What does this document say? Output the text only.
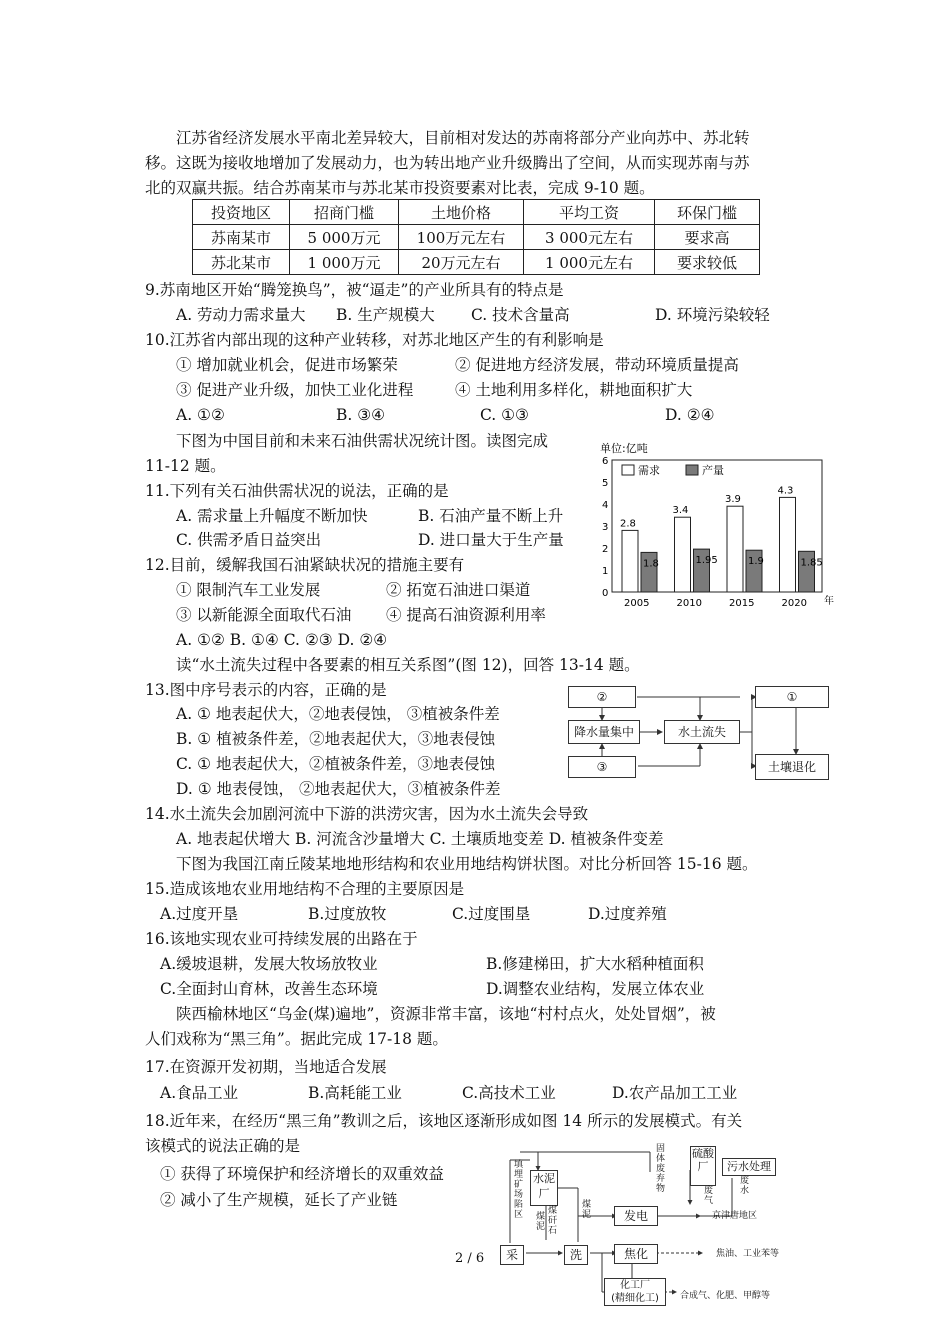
江苏省经济发展水平南北差异较大，目前相对发达的苏南将部分产业向苏中、苏北转
移。这既为接收地增加了发展动力，也为转出地产业升级腾出了空间，从而实现苏南与苏
北的双赢共振。结合苏南某市与苏北某市投资要素对比表，完成 9-10 题。
投资地区	招商门槛	土地价格	平均工资	环保门槛
苏南某市	5 000万元	100万元左右	3 000元左右	要求高
苏北某市	1 000万元	20万元左右	1 000元左右	要求较低
9.苏南地区开始“腾笼换鸟”，被“逼走”的产业所具有的特点是
A. 劳动力需求量大 B. 生产规模大 C. 技术含量高	D. 环境污染较轻
10.江苏省内部出现的这种产业转移，对苏北地区产生的有利影响是
① 增加就业机会，促进市场繁荣	② 促进地方经济发展，带动环境质量提高
③ 促进产业升级，加快工业化进程	④ 土地利用多样化，耕地面积扩大
A. ①②	B. ③④	C. ①③	D. ②④
下图为中国目前和未来石油供需状况统计图。读图完成
11-12 题。
11.下列有关石油供需状况的说法，正确的是
A. 需求量上升幅度不断加快	B. 石油产量不断上升
C. 供需矛盾日益突出	D. 进口量大于生产量
12.目前，缓解我国石油紧缺状况的措施主要有
① 限制汽车工业发展	② 拓宽石油进口渠道
③ 以新能源全面取代石油 ④ 提高石油资源利用率
A. ①② B. ①④ C. ②③ D. ②④
单位:亿吨
0
1
2
3
4
5
6
2.8
1.8
2005
3.4
1.95
2010
3.9
1.9
2015
4.3
1.85
2020
需求	产量
年
读“水土流失过程中各要素的相互关系图”(图 12)，回答 13-14 题。
13.图中序号表示的内容，正确的是
A. ① 地表起伏大，②地表侵蚀， ③植被条件差
B. ① 植被条件差，②地表起伏大，③地表侵蚀
C. ① 地表起伏大，②植被条件差，③地表侵蚀
D. ① 地表侵蚀， ②地表起伏大，③植被条件差
②	①
降水量集中	水土流失
③	土壤退化
14.水土流失会加剧河流中下游的洪涝灾害，因为水土流失会导致
A. 地表起伏增大 B. 河流含沙量增大 C. 土壤质地变差 D. 植被条件变差
下图为我国江南丘陵某地地形结构和农业用地结构饼状图。对比分析回答 15-16 题。
15.造成该地农业用地结构不合理的主要原因是
A.过度开垦	B.过度放牧	C.过度围垦	D.过度养殖
16.该地实现农业可持续发展的出路在于
A.缓坡退耕，发展大牧场放牧业	B.修建梯田，扩大水稻种植面积
C.全面封山育林，改善生态环境	D.调整农业结构，发展立体农业
陕西榆林地区“乌金(煤)遍地”，资源非常丰富，该地“村村点火，处处冒烟”，被
人们戏称为“黑三角”。据此完成 17-18 题。
17.在资源开发初期，当地适合发展
A.食品工业	B.高耗能工业	C.高技术工业	D.农产品加工工业
18.近年来，在经历“黑三角”教训之后，该地区逐渐形成如图 14 所示的发展模式。有关
该模式的说法正确的是
① 获得了环境保护和经济增长的双重效益
② 减小了生产规模，延长了产业链
硫酸厂	污水处理
水泥厂
发电
焦化
化工厂
(精细化工)
采	洗
填埋矿场陷区
固体废弃物	废气
废水
煤泥
煤矸石
煤泥	京津唐地区
焦油、工业苯等
合成气、化肥、甲醇等
2 / 6
